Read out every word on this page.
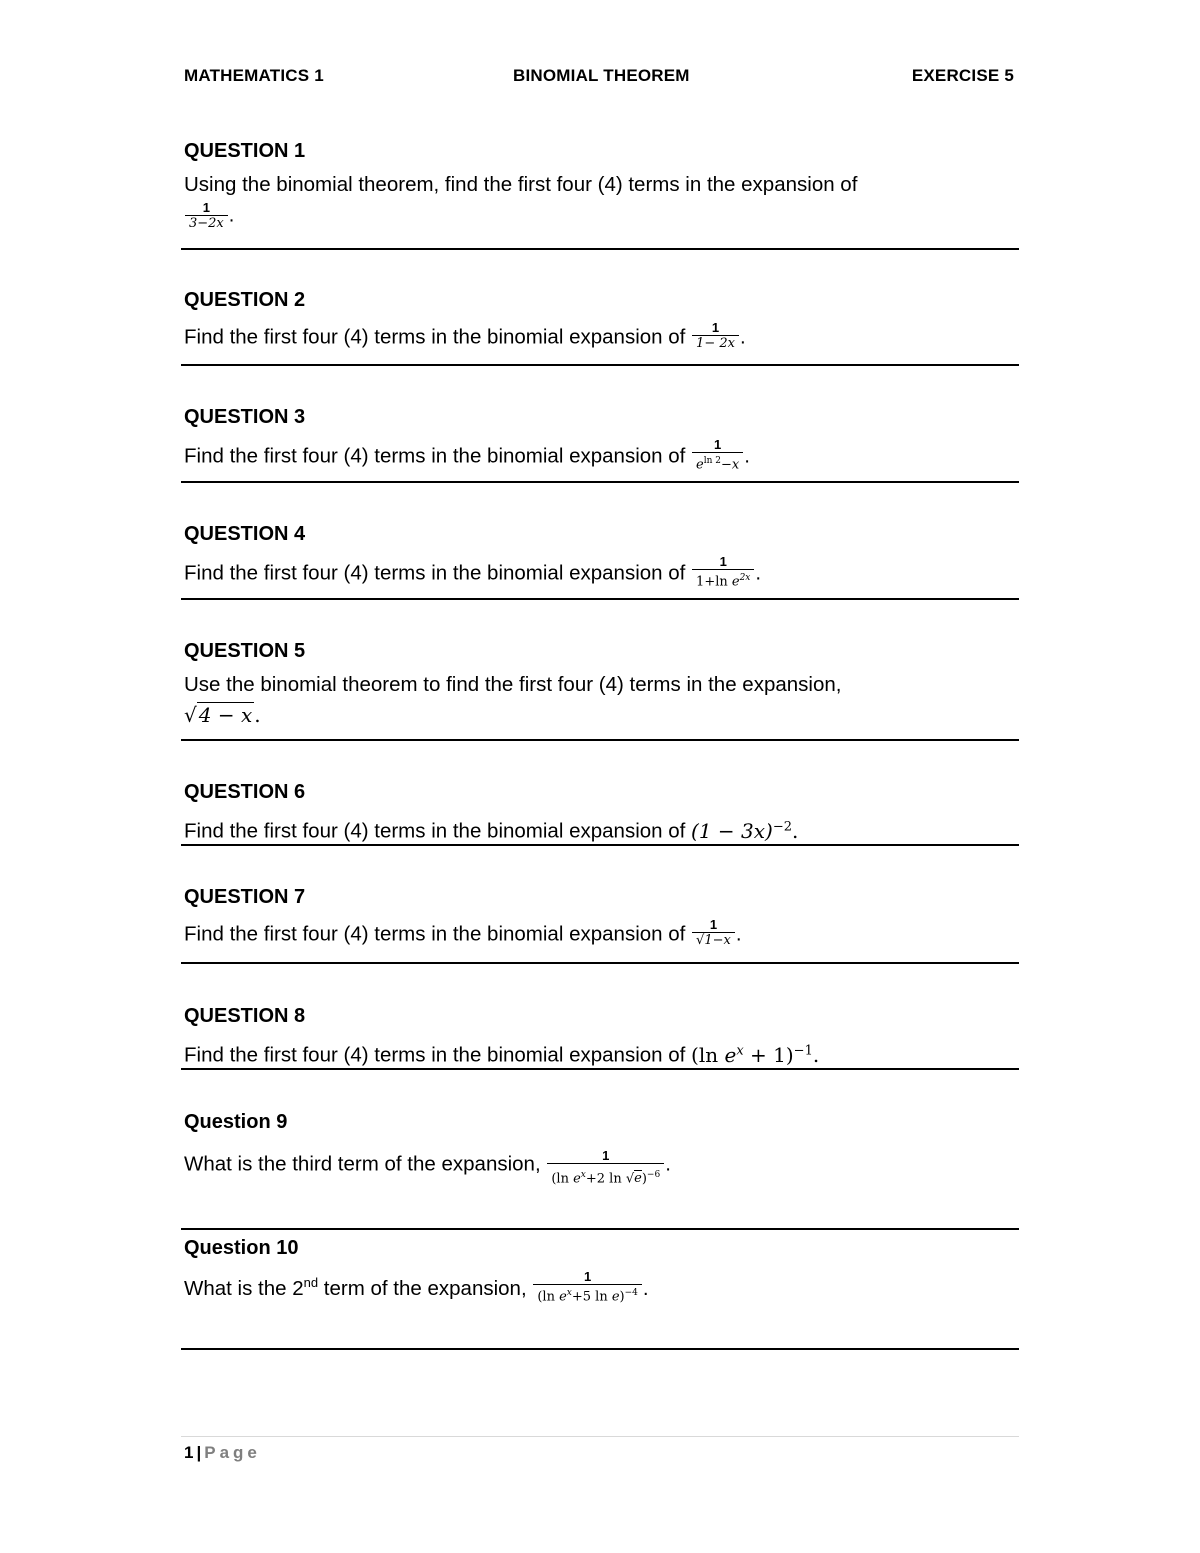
MATHEMATICS 1	BINOMIAL THEOREM	EXERCISE 5

QUESTION 1

Using the binomial theorem, find the first four (4) terms in the expansion of
$\frac{1}{3-2x}$ .

QUESTION 2

Find the first four (4) terms in the binomial expansion of $\frac{1}{1- 2x}$ .

QUESTION 3

Find the first four (4) terms in the binomial expansion of $\frac{1}{e^{ln 2}-x}$ .

QUESTION 4

Find the first four (4) terms in the binomial expansion of $\frac{1}{1+\ln e^{2x}}$ .

QUESTION 5

Use the binomial theorem to find the first four (4) terms in the expansion,
√ 4 − x .

QUESTION 6

Find the first four (4) terms in the binomial expansion of $(1 - 3x)^{-2}$.

QUESTION 7

Find the first four (4) terms in the binomial expansion of $\frac{1}{√1-x}$ .

QUESTION 8

Find the first four (4) terms in the binomial expansion of (ln $e^x + 1)^{-1}$.

Question 9

What is the third term of the expansion, $\frac{1}{(\ln e^x+2 \ln √e)^{-6}}$ .

Question 10

What is the 2nd term of the expansion, $\frac{1}{(\ln e^x+5 \ln e)^{-4}}$ .
1 | Page
